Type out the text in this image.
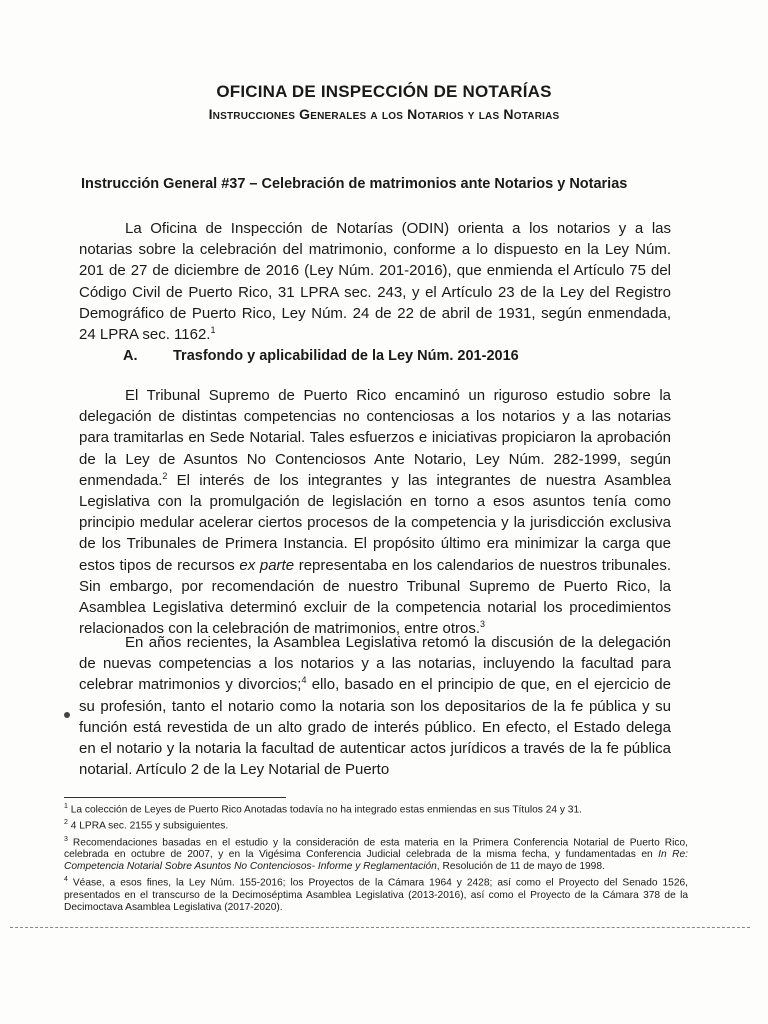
OFICINA DE INSPECCIÓN DE NOTARÍAS
Instrucciones Generales a los Notarios y las Notarias
Instrucción General #37 – Celebración de matrimonios ante Notarios y Notarias

La Oficina de Inspección de Notarías (ODIN) orienta a los notarios y a las notarias sobre la celebración del matrimonio, conforme a lo dispuesto en la Ley Núm. 201 de 27 de diciembre de 2016 (Ley Núm. 201-2016), que enmienda el Artículo 75 del Código Civil de Puerto Rico, 31 LPRA sec. 243, y el Artículo 23 de la Ley del Registro Demográfico de Puerto Rico, Ley Núm. 24 de 22 de abril de 1931, según enmendada, 24 LPRA sec. 1162.$^1$

A. Trasfondo y aplicabilidad de la Ley Núm. 201-2016

El Tribunal Supremo de Puerto Rico encaminó un riguroso estudio sobre la delegación de distintas competencias no contenciosas a los notarios y a las notarias para tramitarlas en Sede Notarial. Tales esfuerzos e iniciativas propiciaron la aprobación de la Ley de Asuntos No Contenciosos Ante Notario, Ley Núm. 282-1999, según enmendada.$^2$ El interés de los integrantes y las integrantes de nuestra Asamblea Legislativa con la promulgación de legislación en torno a esos asuntos tenía como principio medular acelerar ciertos procesos de la competencia y la jurisdicción exclusiva de los Tribunales de Primera Instancia. El propósito último era minimizar la carga que estos tipos de recursos ex parte representaba en los calendarios de nuestros tribunales. Sin embargo, por recomendación de nuestro Tribunal Supremo de Puerto Rico, la Asamblea Legislativa determinó excluir de la competencia notarial los procedimientos relacionados con la celebración de matrimonios, entre otros.$^3$

En años recientes, la Asamblea Legislativa retomó la discusión de la delegación de nuevas competencias a los notarios y a las notarias, incluyendo la facultad para celebrar matrimonios y divorcios;$^4$ ello, basado en el principio de que, en el ejercicio de su profesión, tanto el notario como la notaria son los depositarios de la fe pública y su función está revestida de un alto grado de interés público. En efecto, el Estado delega en el notario y la notaria la facultad de autenticar actos jurídicos a través de la fe pública notarial. Artículo 2 de la Ley Notarial de Puerto

$^1$ La colección de Leyes de Puerto Rico Anotadas todavía no ha integrado estas enmiendas en sus Títulos 24 y 31.

$^2$ 4 LPRA sec. 2155 y subsiguientes.

$^3$ Recomendaciones basadas en el estudio y la consideración de esta materia en la Primera Conferencia Notarial de Puerto Rico, celebrada en octubre de 2007, y en la Vigésima Conferencia Judicial celebrada de la misma fecha, y fundamentadas en In Re: Competencia Notarial Sobre Asuntos No Contenciosos- Informe y Reglamentación, Resolución de 11 de mayo de 1998.

$^4$ Véase, a esos fines, la Ley Núm. 155-2016; los Proyectos de la Cámara 1964 y 2428; así como el Proyecto del Senado 1526, presentados en el transcurso de la Decimoséptima Asamblea Legislativa (2013-2016), así como el Proyecto de la Cámara 378 de la Decimoctava Asamblea Legislativa (2017-2020).
